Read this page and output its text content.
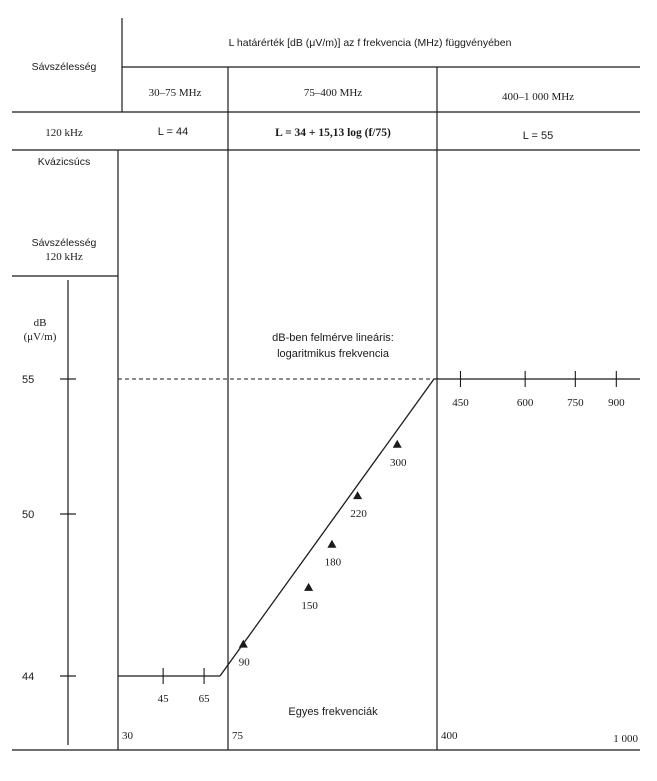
L határérték [dB (μV/m)] az f frekvencia (MHz) függvényében
Sávszélesség
30–75 MHz	75–400 MHz	400–1 000 MHz
120 kHz	L = 44	L = 34 + 15,13 log (f/75)	L = 55
Kvázicsúcs
Sávszélesség
120 kHz
dB
(μV/m)
44
50
55
dB-ben felmérve lineáris:
logaritmikus frekvencia
45	65
450	600	750 900
90
150
180
220
300
Egyes frekvenciák
30	75	400	1 000
